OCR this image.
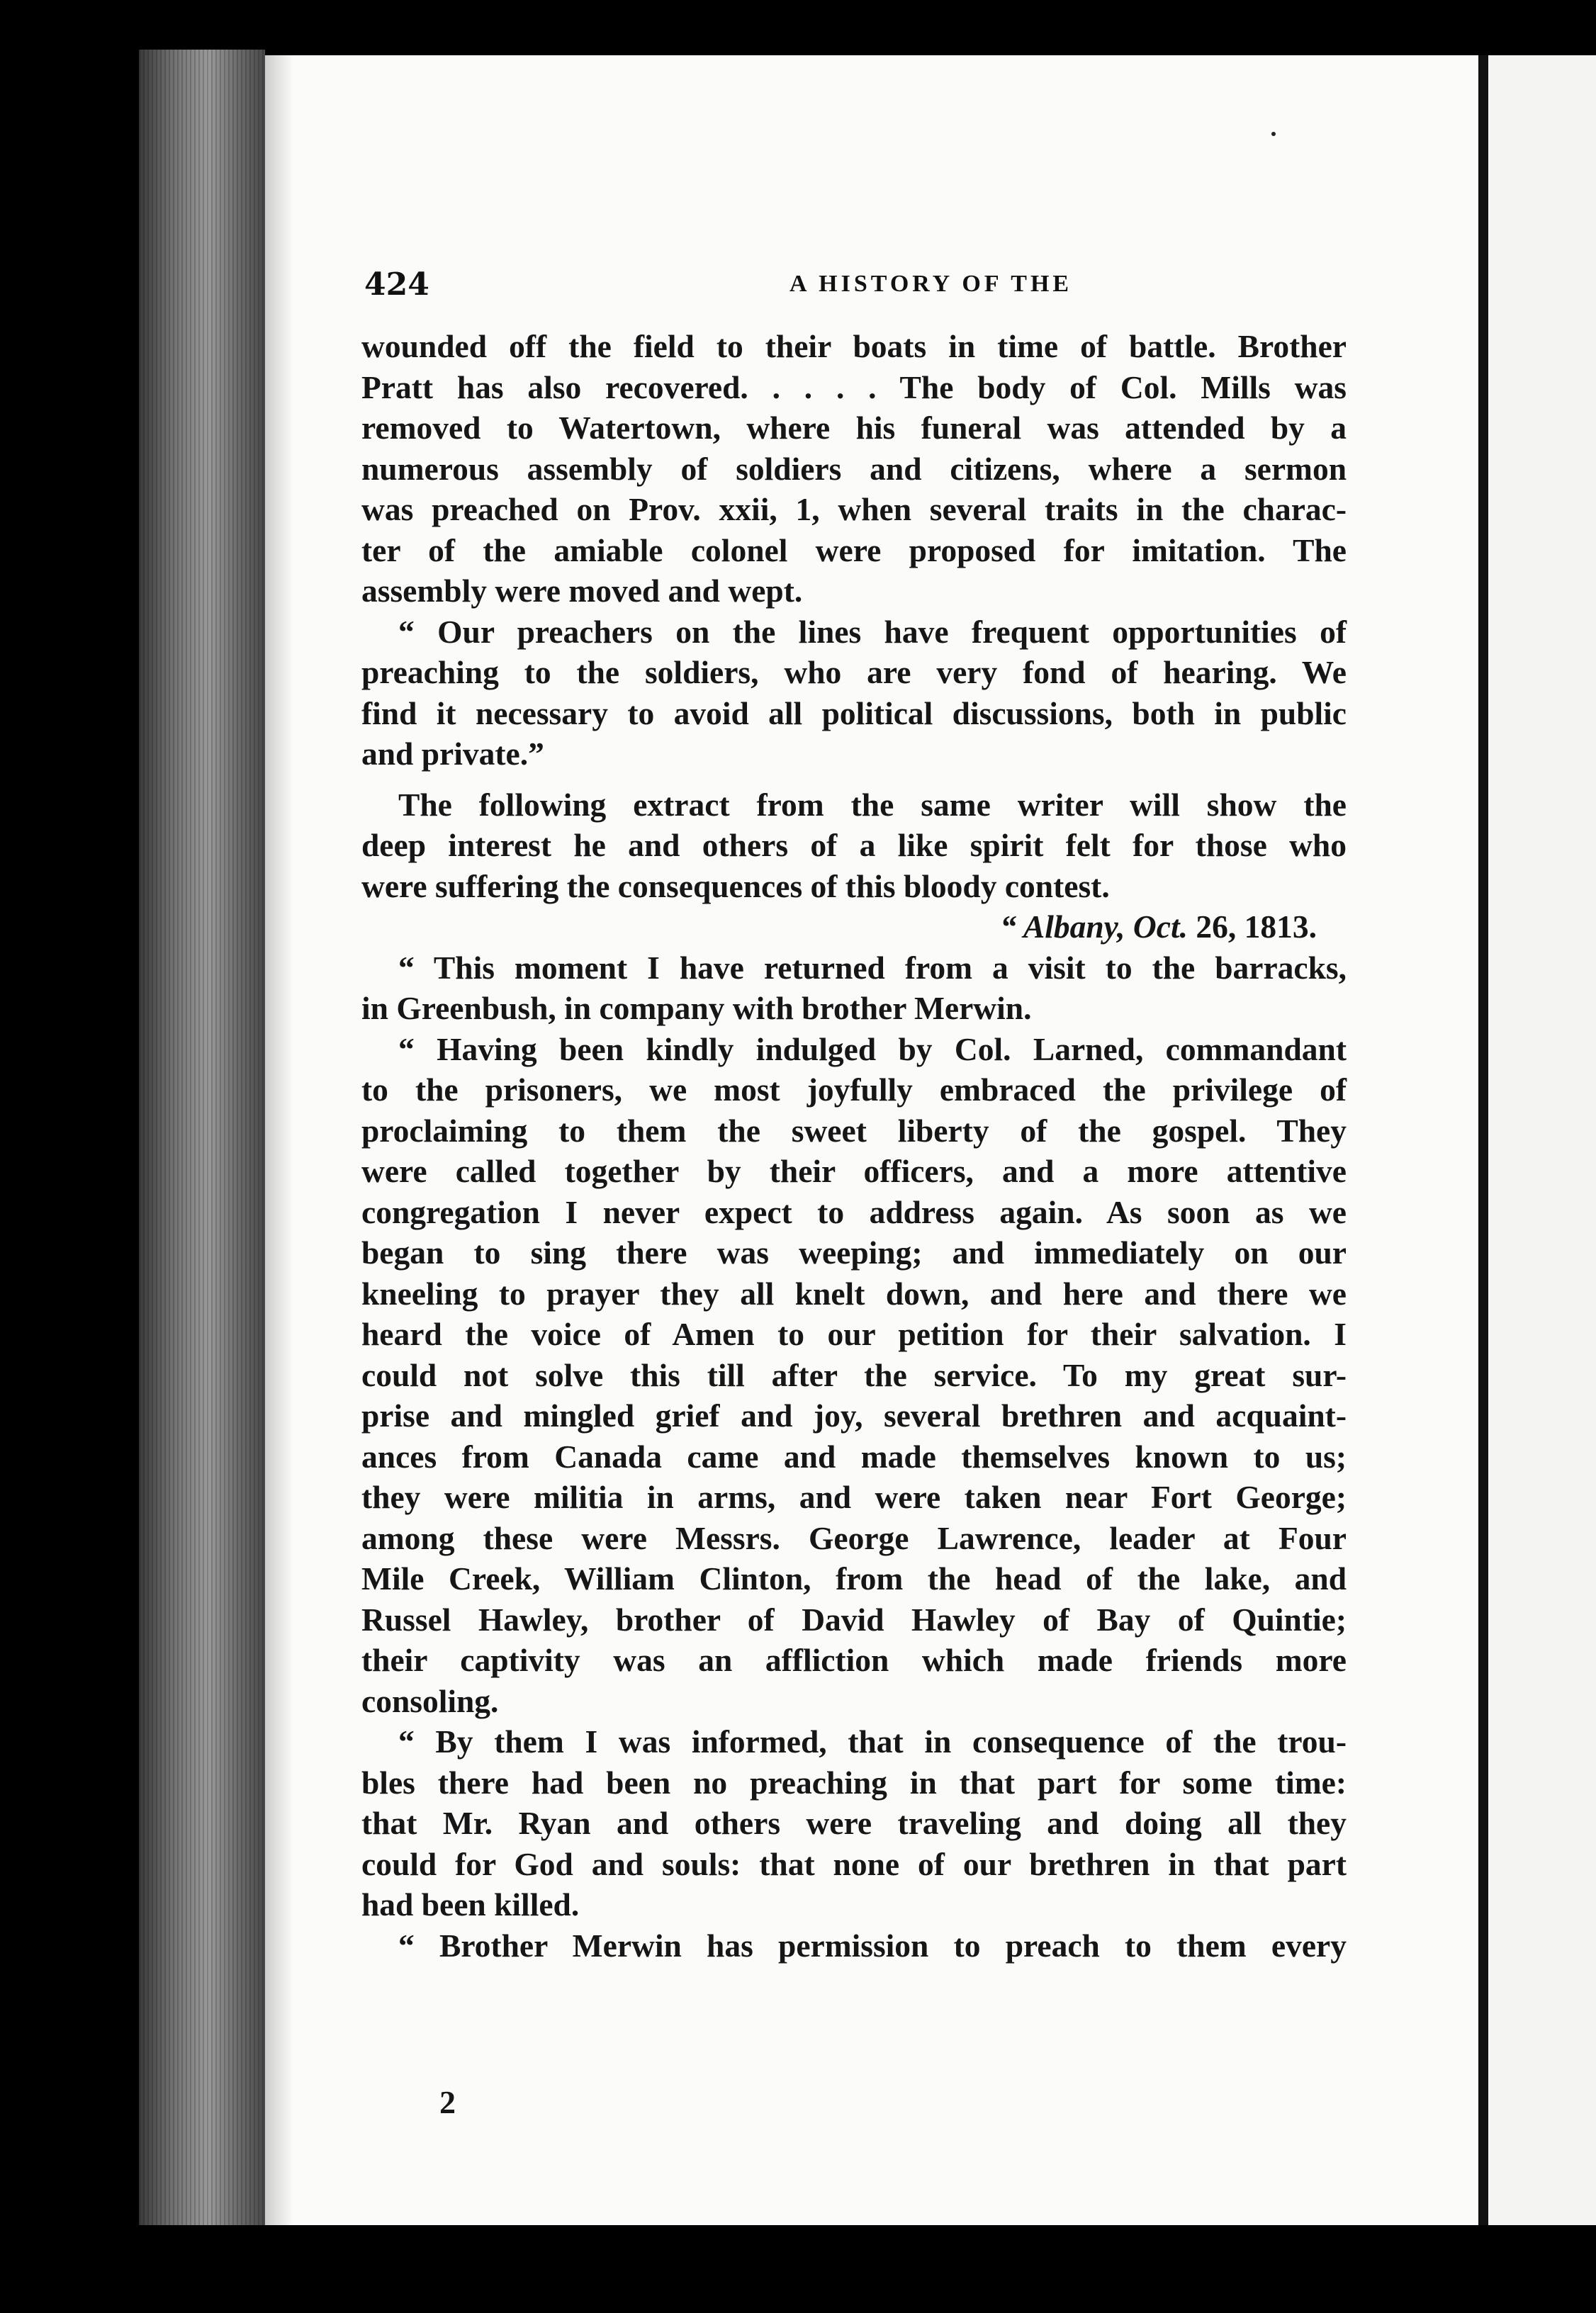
424	A HISTORY OF THE
wounded off the field to their boats in time of battle. Brother
Pratt has also recovered. . . . . The body of Col. Mills was
removed to Watertown, where his funeral was attended by a
numerous assembly of soldiers and citizens, where a sermon
was preached on Prov. xxii, 1, when several traits in the charac-
ter of the amiable colonel were proposed for imitation. The
assembly were moved and wept.
“ Our preachers on the lines have frequent opportunities of
preaching to the soldiers, who are very fond of hearing. We
find it necessary to avoid all political discussions, both in public
and private.”
The following extract from the same writer will show the
deep interest he and others of a like spirit felt for those who
were suffering the consequences of this bloody contest.
“ Albany, Oct. 26, 1813.
“ This moment I have returned from a visit to the barracks,
in Greenbush, in company with brother Merwin.
“ Having been kindly indulged by Col. Larned, commandant
to the prisoners, we most joyfully embraced the privilege of
proclaiming to them the sweet liberty of the gospel. They
were called together by their officers, and a more attentive
congregation I never expect to address again. As soon as we
began to sing there was weeping; and immediately on our
kneeling to prayer they all knelt down, and here and there we
heard the voice of Amen to our petition for their salvation. I
could not solve this till after the service. To my great sur-
prise and mingled grief and joy, several brethren and acquaint-
ances from Canada came and made themselves known to us;
they were militia in arms, and were taken near Fort George;
among these were Messrs. George Lawrence, leader at Four
Mile Creek, William Clinton, from the head of the lake, and
Russel Hawley, brother of David Hawley of Bay of Quintie;
their captivity was an affliction which made friends more
consoling.
“ By them I was informed, that in consequence of the trou-
bles there had been no preaching in that part for some time:
that Mr. Ryan and others were traveling and doing all they
could for God and souls: that none of our brethren in that part
had been killed.
“ Brother Merwin has permission to preach to them every
2
